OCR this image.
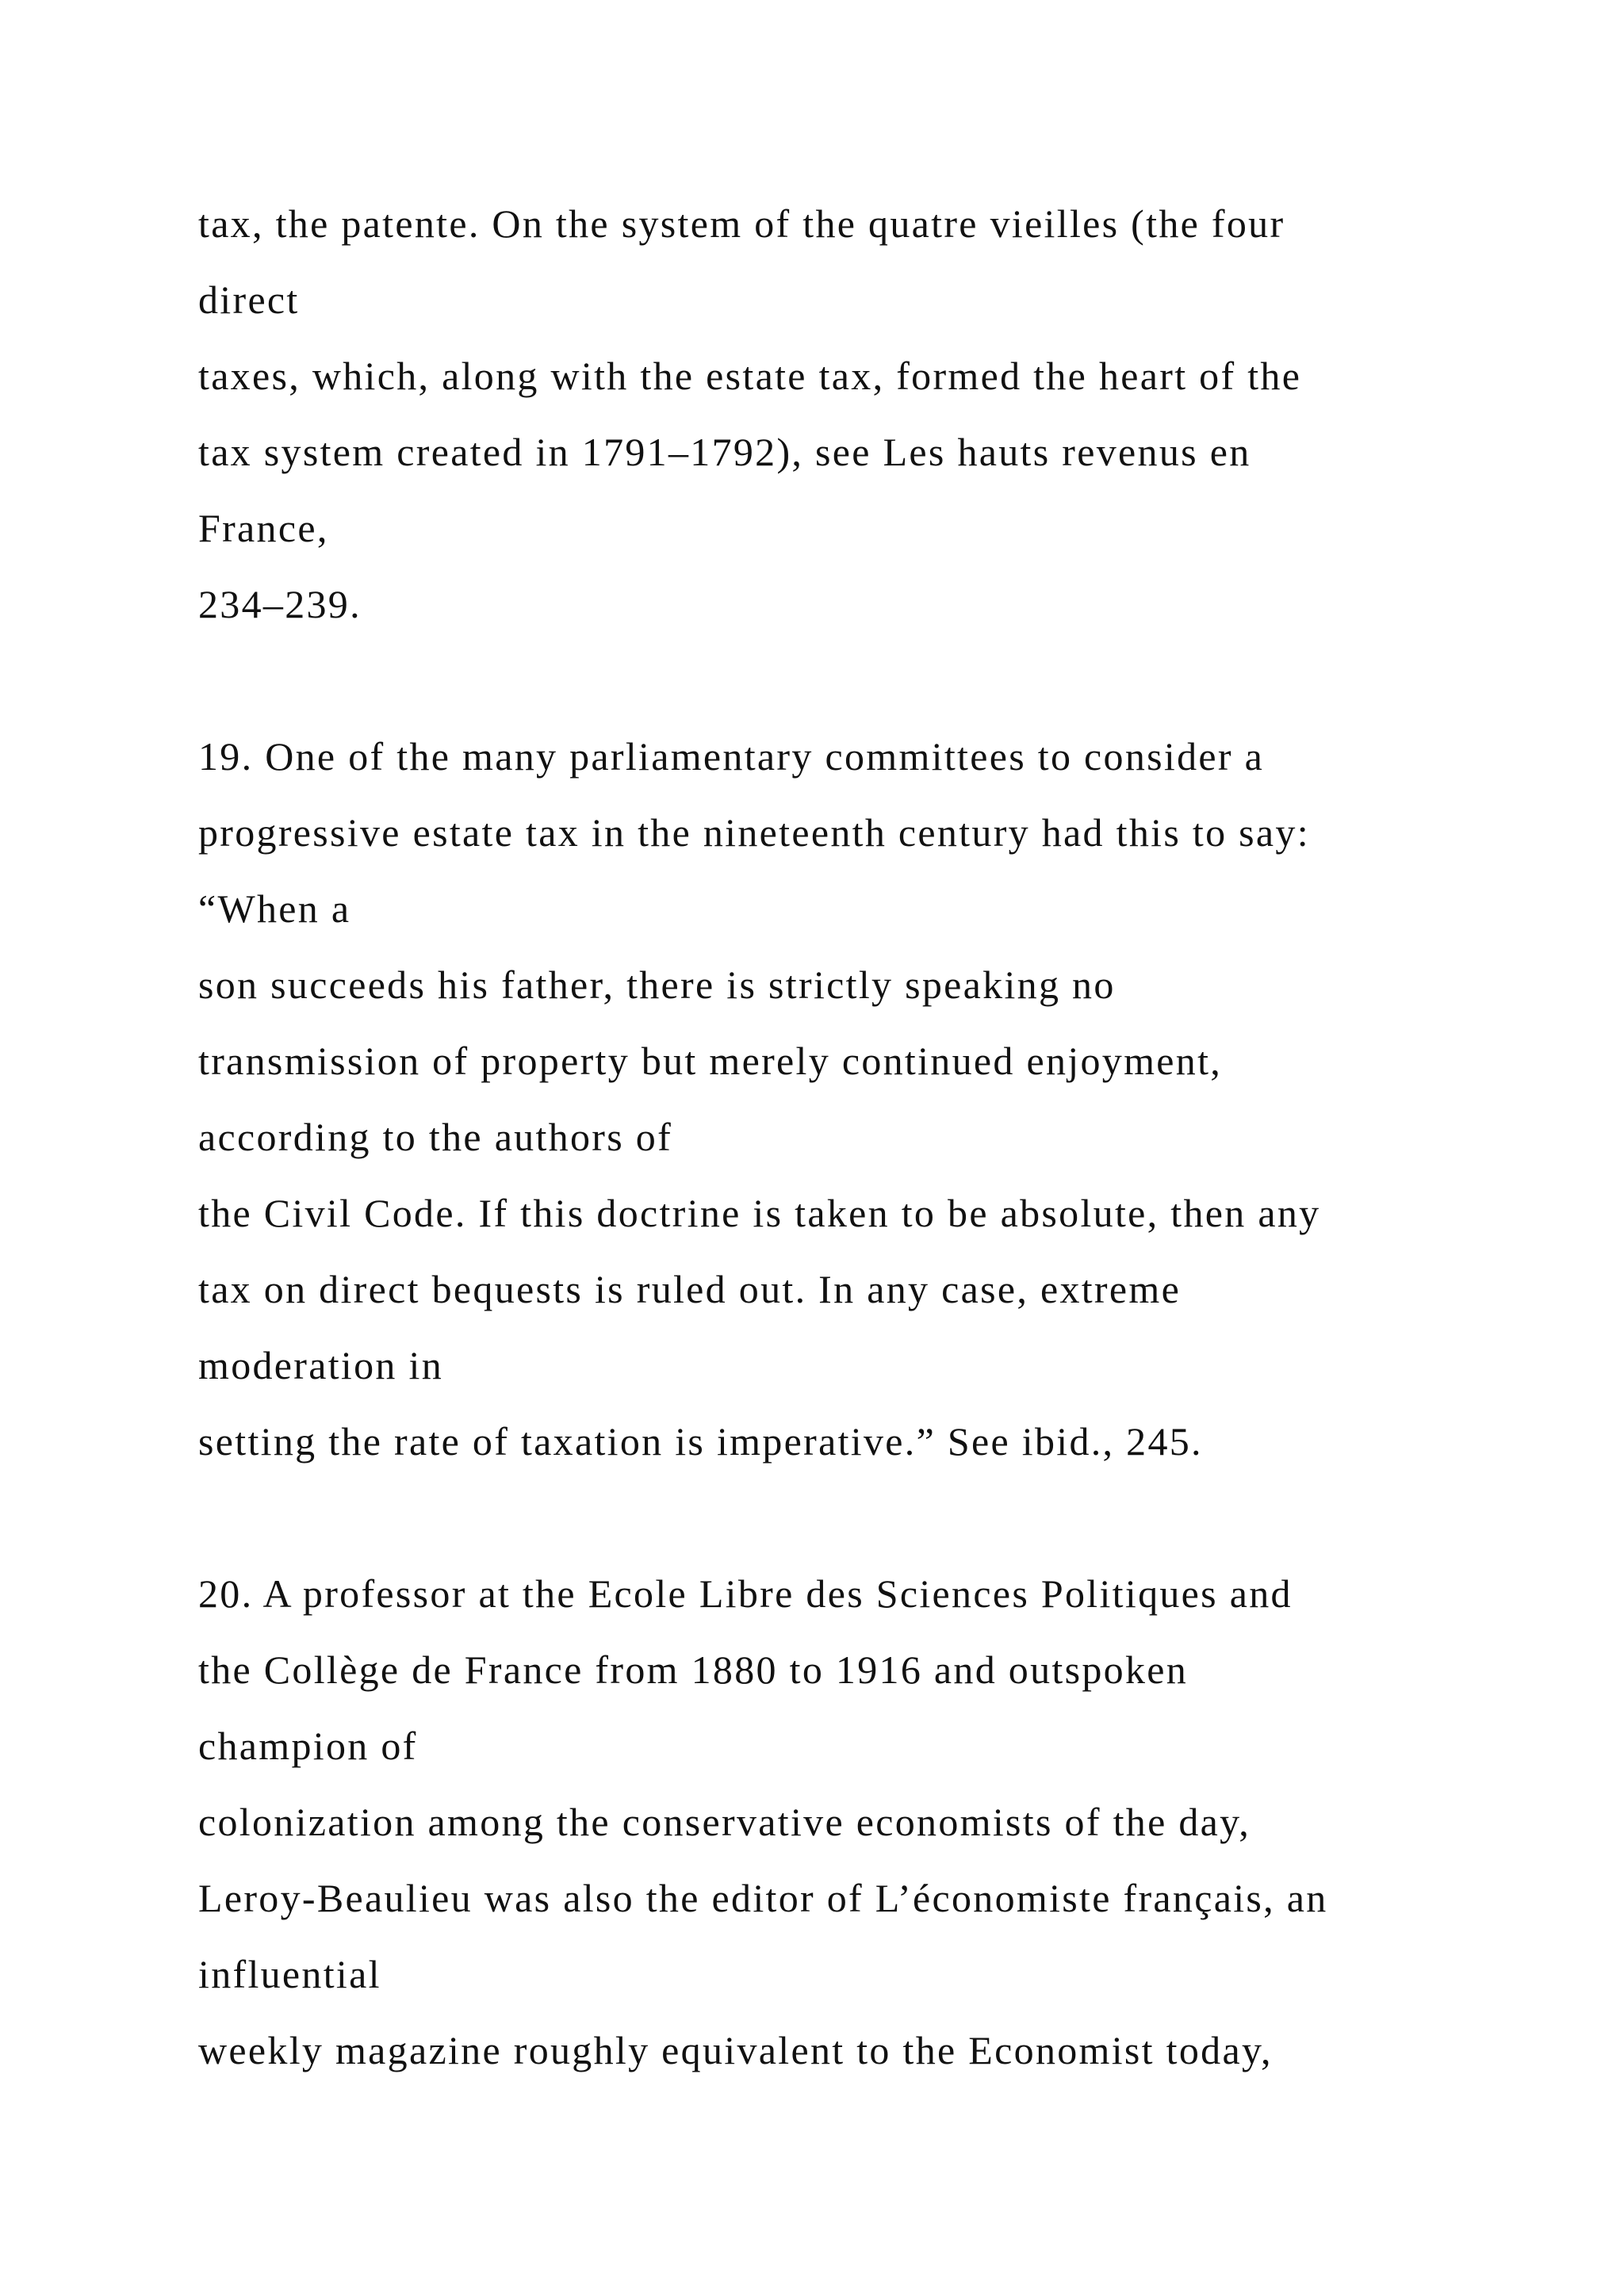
tax, the patente. On the system of the quatre vieilles (the four
direct
taxes, which, along with the estate tax, formed the heart of the
tax system created in 1791–1792), see Les hauts revenus en
France,
234–239.
19. One of the many parliamentary committees to consider a
progressive estate tax in the nineteenth century had this to say:
“When a
son succeeds his father, there is strictly speaking no
transmission of property but merely continued enjoyment,
according to the authors of
the Civil Code. If this doctrine is taken to be absolute, then any
tax on direct bequests is ruled out. In any case, extreme
moderation in
setting the rate of taxation is imperative.” See ibid., 245.
20. A professor at the Ecole Libre des Sciences Politiques and
the Collège de France from 1880 to 1916 and outspoken
champion of
colonization among the conservative economists of the day,
Leroy-Beaulieu was also the editor of L’économiste français, an
influential
weekly magazine roughly equivalent to the Economist today,
